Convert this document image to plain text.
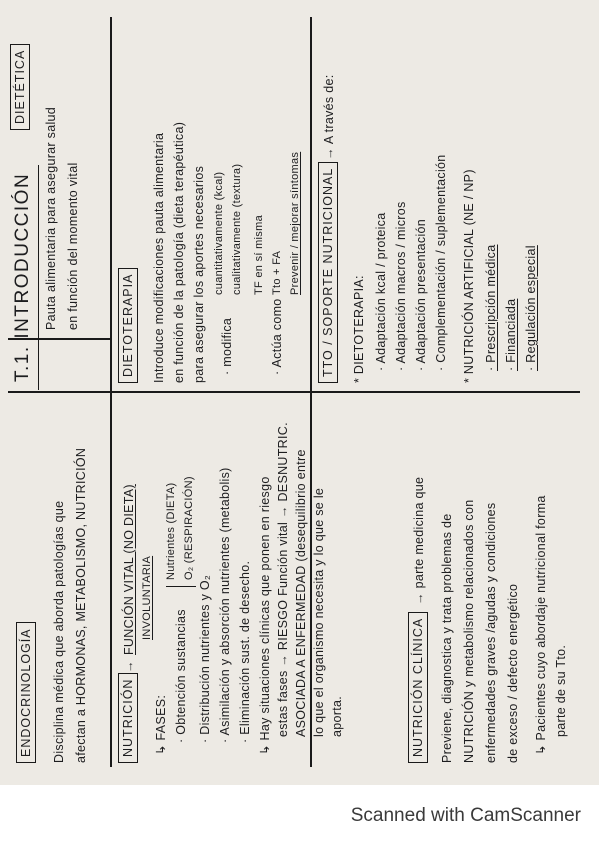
T.1. INTRODUCCIÓN
ENDOCRINOLOGÍA Disciplina médica que aborda patologías que afectan a HORMONAS, METABOLISMO, NUTRICIÓN
DIETÉTICA
Pauta alimentaria para asegurar salud en función del momento vital
NUTRICIÓN
→
FUNCIÓN VITAL (NO DIETA) INVOLUNTARIA
↳ FASES: · Obtención sustancias
Nutrientes (DIETA) O₂ (RESPIRACIÓN)
· Distribución nutrientes y O₂ · Asimilación y absorción nutrientes (metabolis) · Eliminación sust. de desecho. ↳ Hay situaciones clínicas que ponen en riesgo estas fases → RIESGO Función vital → DESNUTRIC. ASOCIADA A ENFERMEDAD (desequilibrio entre lo que el organismo necesita y lo que se le aporta.	NUTRICIÓN CLÍNICA
→ parte medicina que Previene, diagnostica y trata problemas de NUTRICIÓN y metabolismo relacionados con enfermedades graves /agudas y condiciones de exceso / defecto energético ↳ Pacientes cuyo abordaje nutricional forma parte de su Tto.
DIETOTERAPIA Introduce modificaciones pauta alimentaria en función de la patología (dieta terapéutica) para asegurar los aportes necesarios · modifica
cuantitativamente (kcal) cualitativamente (textura)
· Actúa como
TF en sí misma Tto + FA Prevenir / mejorar síntomas TTO / SOPORTE NUTRICIONAL
→ A través de:
* DIETOTERAPIA: · Adaptación kcal / proteica · Adaptación macros / micros · Adaptación presentación · Complementación / suplementación * NUTRICIÓN ARTIFICIAL (NE / NP) · Prescripción médica · Financiada · Regulación especial
Scanned with CamScanner
